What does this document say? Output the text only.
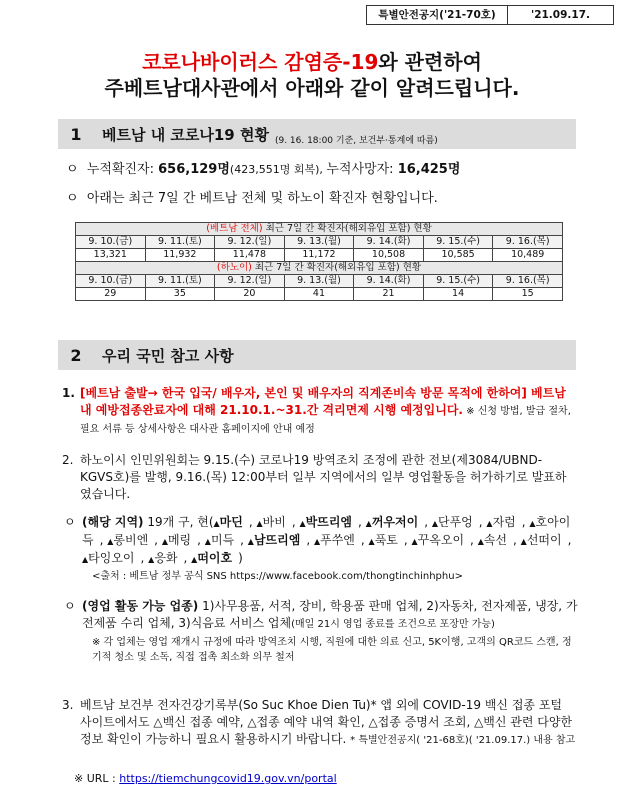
특별안전공지('21-70호)	'21.09.17.
코로나바이러스 감염증-19와 관련하여
주베트남대사관에서 아래와 같이 알려드립니다.
1	베트남 내 코로나19 현황 (9. 16. 18:00 기준, 보건부·통계에 따름)
ㅇ 누적확진자: 656,129명(423,551명 회복), 누적사망자: 16,425명
ㅇ 아래는 최근 7일 간 베트남 전체 및 하노이 확진자 현황입니다.
(베트남 전체) 최근 7일 간 확진자(해외유입 포함) 현황						
9. 10.(금)	9. 11.(토)	9. 12.(일)	9. 13.(월)	9. 14.(화)	9. 15.(수)	9. 16.(목)
13,321	11,932	11,478	11,172	10,508	10,585	10,489
(하노이) 최근 7일 간 확진자(해외유입 포함) 현황						
9. 10.(금)	9. 11.(토)	9. 12.(일)	9. 13.(월)	9. 14.(화)	9. 15.(수)	9. 16.(목)
29	35	20	41	21	14	15
2	우리 국민 참고 사항
1. [베트남 출발→ 한국 입국/ 배우자, 본인 및 배우자의 직계존비속 방문 목적에 한하여] 베트남 내 예방접종완료자에 대해 21.10.1.~31.간 격리면제 시행 예정입니다. ※ 신청 방법, 발급 절차, 필요 서류 등 상세사항은 대사관 홈페이지에 안내 예정

2. 하노이시 인민위원회는 9.15.(수) 코로나19 방역조치 조정에 관한 전보(제3084/UBND-KGVS호)를 발행, 9.16.(목) 12:00부터 일부 지역에서의 일부 영업활동을 허가하기로 발표하였습니다.

ㅇ (해당 지역) 19개 구, 현(▲마딘 , ▲바비 , ▲박뜨리엠 , ▲꺼우저이 , ▲단푸엉 , ▲자럼 , ▲호아이득 , ▲롱비엔 , ▲메링 , ▲미득 , ▲남뜨리엠 , ▲푸쑤엔 , ▲푹토 , ▲꾸옥오이 , ▲속선 , ▲선떠이 , ▲타잉오이 , ▲응화 , ▲떠이호 )

<출처 : 베트남 정부 공식 SNS https://www.facebook.com/thongtinchinhphu>

ㅇ (영업 활동 가능 업종) 1)사무용품, 서적, 장비, 학용품 판매 업체, 2)자동차, 전자제품, 냉장, 가전제품 수리 업체, 3)식음료 서비스 업체(매일 21시 영업 종료를 조건으로 포장만 가능)

※ 각 업체는 영업 재개시 규정에 따라 방역조치 시행, 직원에 대한 의료 신고, 5K이행, 고객의 QR코드 스캔, 정기적 청소 및 소독, 직접 접촉 최소화 의무 철저

3. 베트남 보건부 전자건강기록부(So Suc Khoe Dien Tu)* 앱 외에 COVID-19 백신 접종 포털 사이트에서도 △백신 접종 예약, △접종 예약 내역 확인, △접종 증명서 조회, △백신 관련 다양한 정보 확인이 가능하니 필요시 활용하시기 바랍니다. * 특별안전공지( '21-68호)( '21.09.17.) 내용 참고

※ URL : https://tiemchungcovid19.gov.vn/portal
